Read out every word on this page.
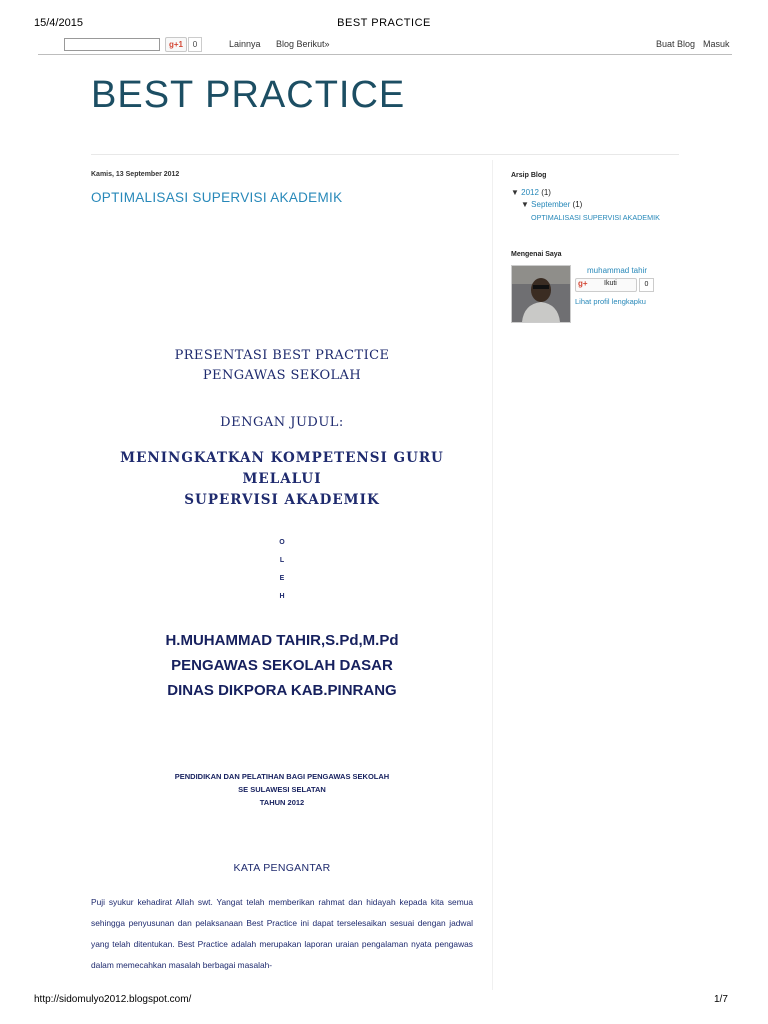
15/4/2015	BEST PRACTICE
g+1	0	Lainnya Blog Berikut»	Buat Blog Masuk
BEST PRACTICE
Kamis, 13 September 2012
OPTIMALISASI SUPERVISI AKADEMIK
PRESENTASI BEST PRACTICE
PENGAWAS SEKOLAH
DENGAN JUDUL:
MENINGKATKAN KOMPETENSI GURU
MELALUI
SUPERVISI AKADEMIK
O
L
E
H
H.MUHAMMAD TAHIR,S.Pd,M.Pd
PENGAWAS SEKOLAH DASAR
DINAS DIKPORA KAB.PINRANG
PENDIDIKAN DAN PELATIHAN BAGI PENGAWAS SEKOLAH
SE SULAWESI SELATAN
TAHUN 2012
KATA PENGANTAR
Puji syukur kehadirat Allah swt. Yangat telah memberikan rahmat dan hidayah kepada kita semua sehingga penyusunan dan pelaksanaan Best Practice ini dapat terselesaikan sesuai dengan jadwal yang telah ditentukan. Best Practice adalah merupakan laporan uraian pengalaman nyata pengawas dalam memecahkan masalah berbagai masalah-
Arsip Blog
▼ 2012 (1)
▼ September (1)
OPTIMALISASI SUPERVISI AKADEMIK
Mengenai Saya
muhammad tahir
g+ Ikuti	0
Lihat profil lengkapku
http://sidomulyo2012.blogspot.com/	1/7
